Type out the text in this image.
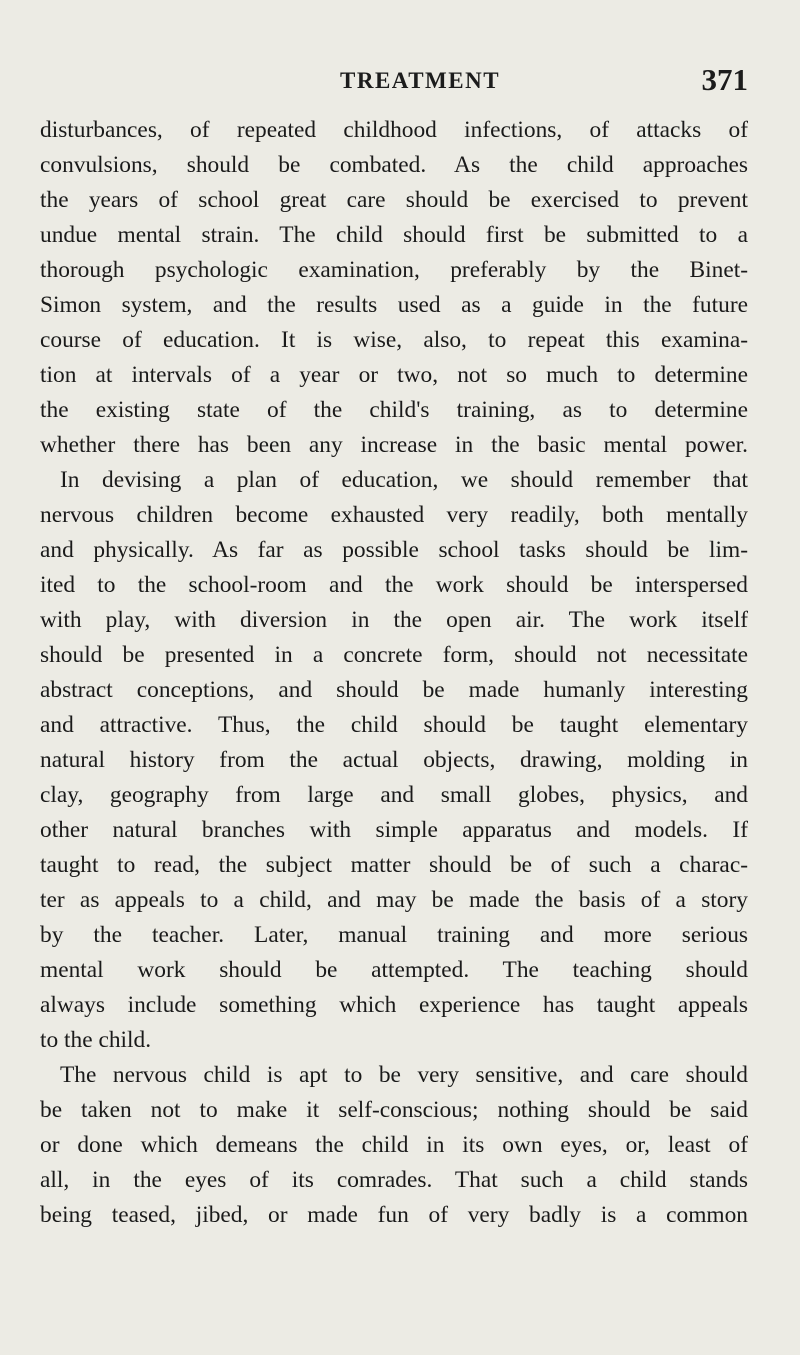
TREATMENT	371
disturbances, of repeated childhood infections, of attacks of
convulsions, should be combated. As the child approaches
the years of school great care should be exercised to prevent
undue mental strain. The child should first be submitted to a
thorough psychologic examination, preferably by the Binet-
Simon system, and the results used as a guide in the future
course of education. It is wise, also, to repeat this examina-
tion at intervals of a year or two, not so much to determine
the existing state of the child's training, as to determine
whether there has been any increase in the basic mental power.
In devising a plan of education, we should remember that
nervous children become exhausted very readily, both mentally
and physically. As far as possible school tasks should be lim-
ited to the school-room and the work should be interspersed
with play, with diversion in the open air. The work itself
should be presented in a concrete form, should not necessitate
abstract conceptions, and should be made humanly interesting
and attractive. Thus, the child should be taught elementary
natural history from the actual objects, drawing, molding in
clay, geography from large and small globes, physics, and
other natural branches with simple apparatus and models. If
taught to read, the subject matter should be of such a charac-
ter as appeals to a child, and may be made the basis of a story
by the teacher. Later, manual training and more serious
mental work should be attempted. The teaching should
always include something which experience has taught appeals
to the child.
The nervous child is apt to be very sensitive, and care should
be taken not to make it self-conscious; nothing should be said
or done which demeans the child in its own eyes, or, least of
all, in the eyes of its comrades. That such a child stands
being teased, jibed, or made fun of very badly is a common
